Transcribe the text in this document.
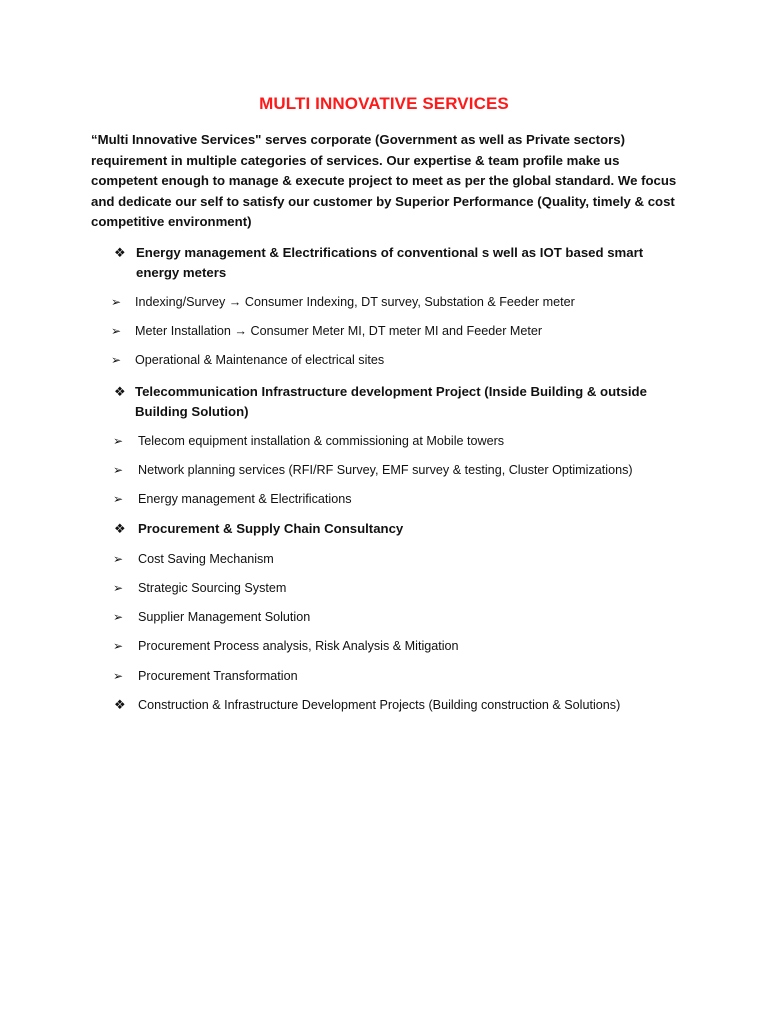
MULTI INNOVATIVE SERVICES
“Multi Innovative Services" serves corporate (Government as well as Private sectors) requirement in multiple categories of services. Our expertise & team profile make us competent enough to manage & execute project to meet as per the global standard. We focus and dedicate our self to satisfy our customer by Superior Performance (Quality, timely & cost competitive environment)
❖ Energy management & Electrifications of conventional s well as IOT based smart energy meters
➢ Indexing/Survey → Consumer Indexing, DT survey, Substation & Feeder meter
➢ Meter Installation → Consumer Meter MI, DT meter MI and Feeder Meter
➢ Operational & Maintenance of electrical sites
❖ Telecommunication Infrastructure development Project (Inside Building & outside Building Solution)
➢ Telecom equipment installation & commissioning at Mobile towers
➢ Network planning services (RFI/RF Survey, EMF survey & testing, Cluster Optimizations)
➢ Energy management & Electrifications
❖ Procurement & Supply Chain Consultancy
➢ Cost Saving Mechanism
➢ Strategic Sourcing System
➢ Supplier Management Solution
➢ Procurement Process analysis, Risk Analysis & Mitigation
➢ Procurement Transformation
❖ Construction & Infrastructure Development Projects (Building construction & Solutions)
